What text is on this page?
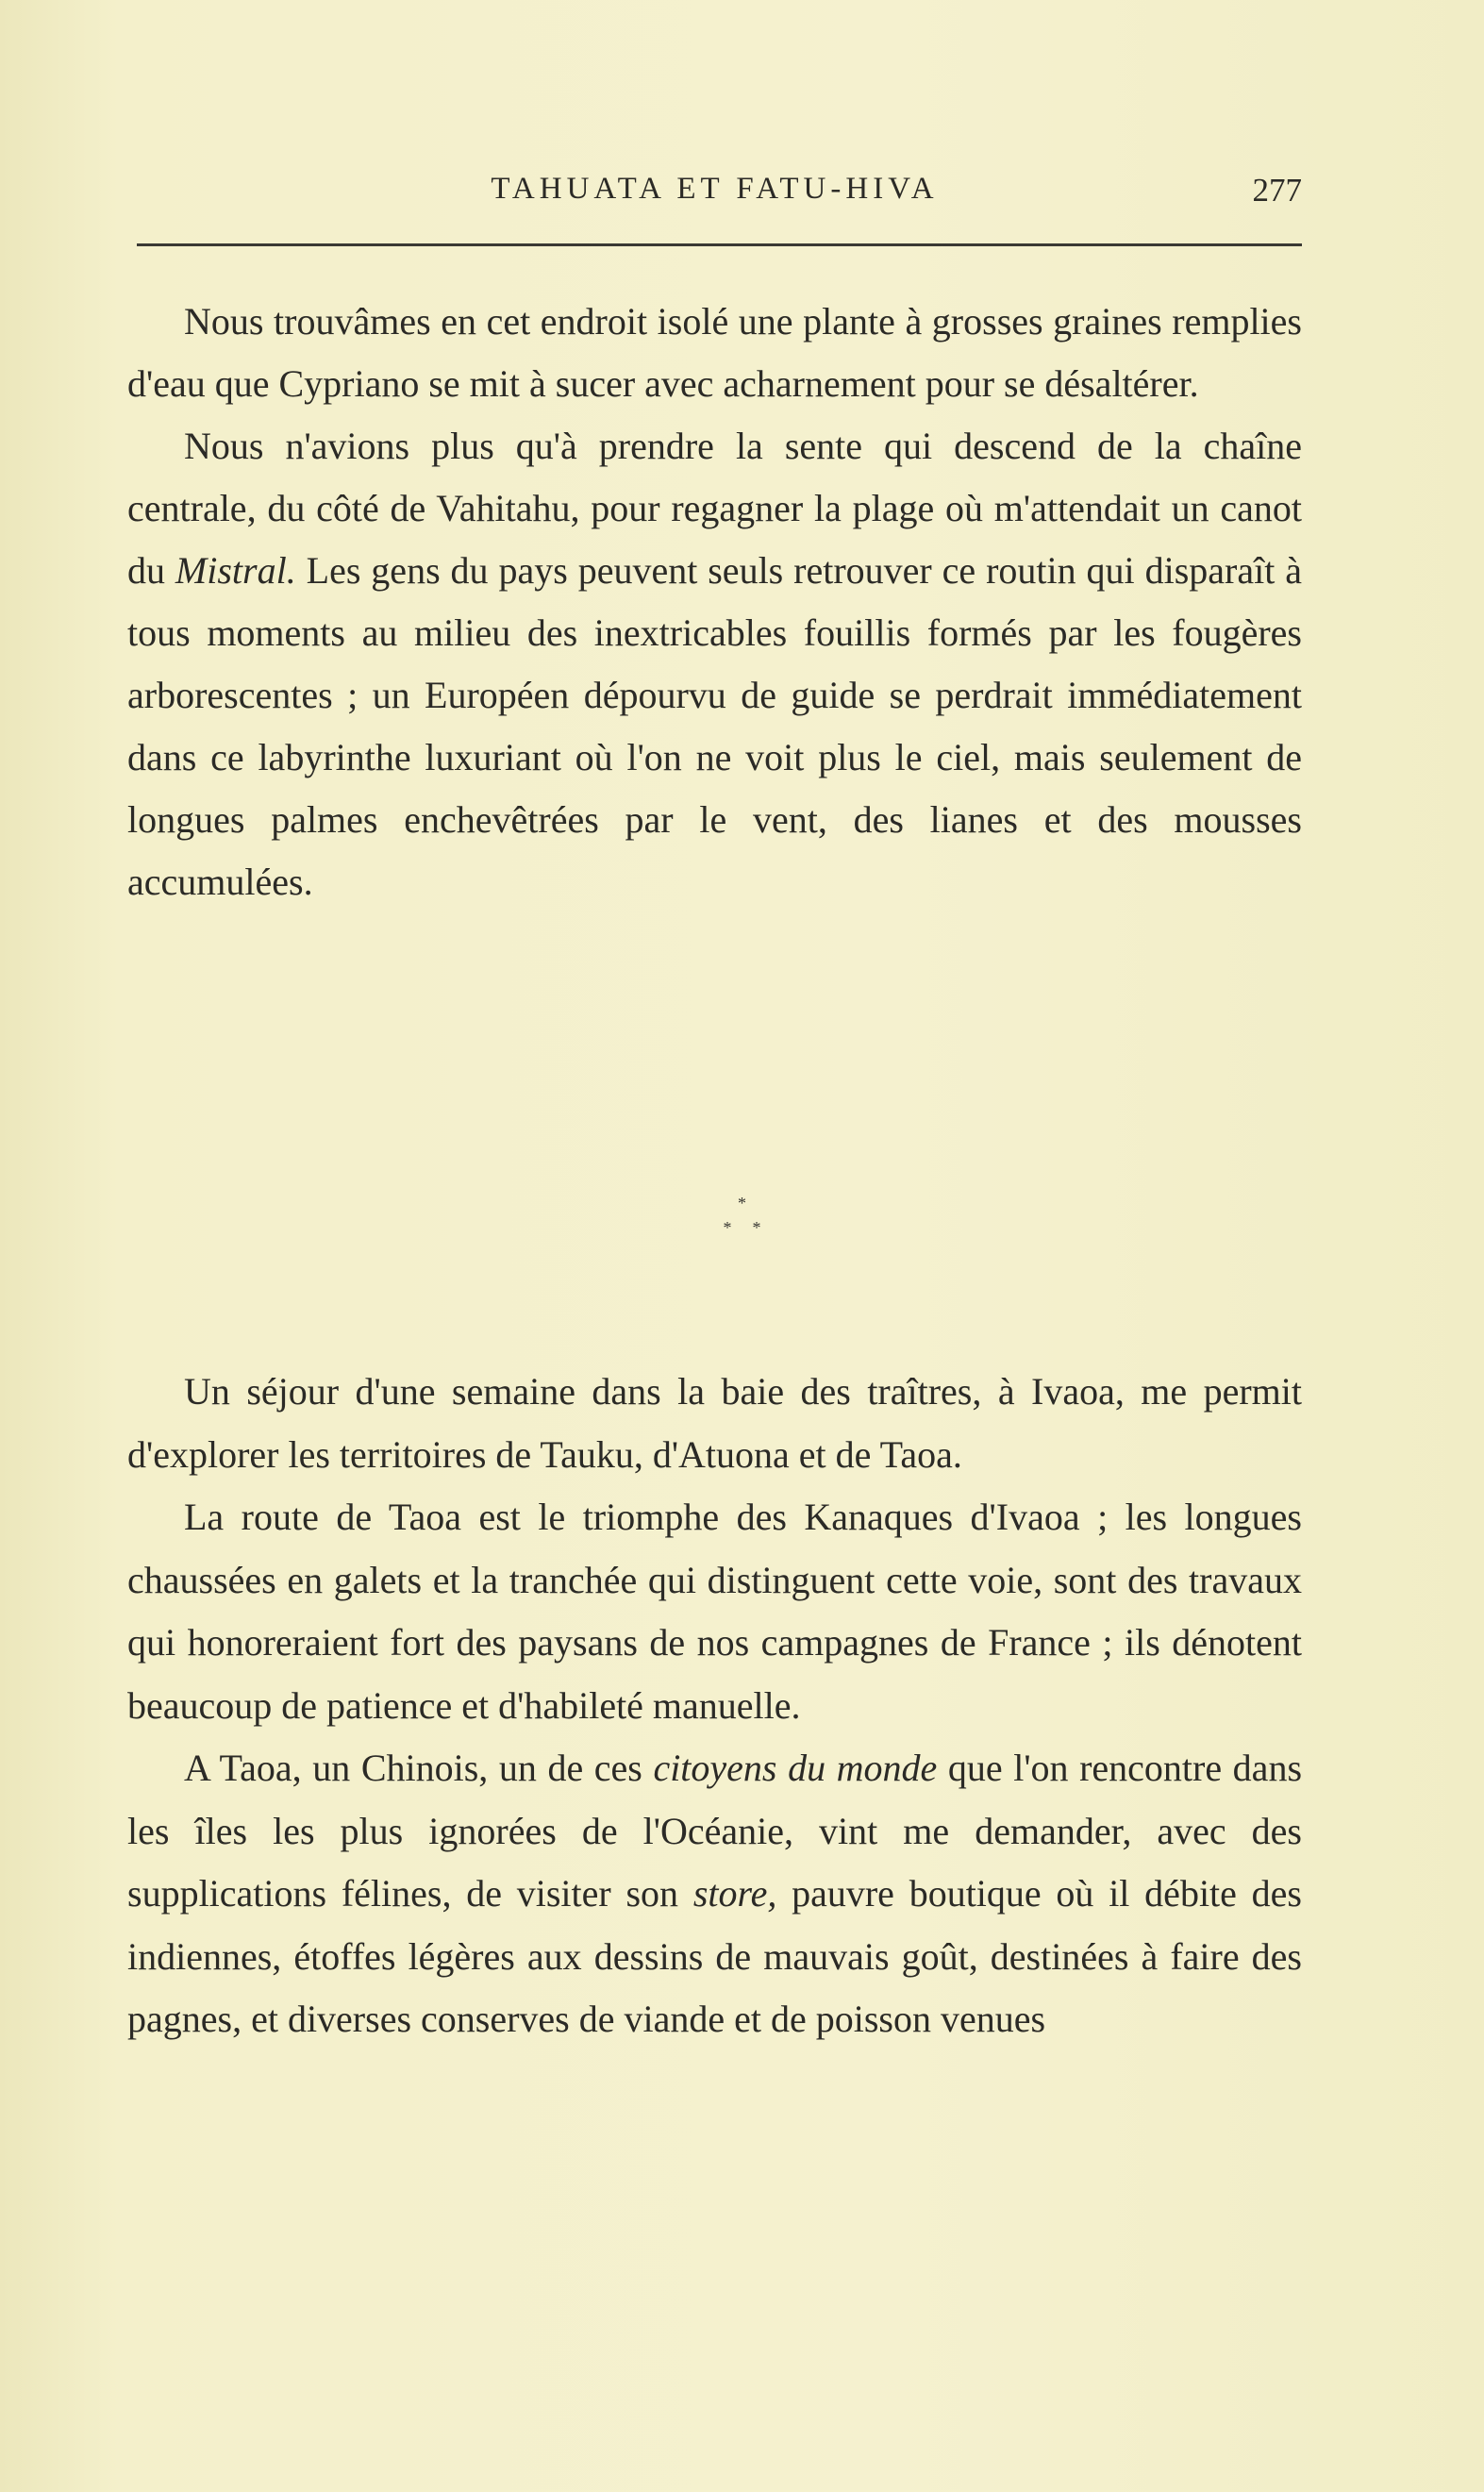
TAHUATA ET FATU-HIVA	277

Nous trouvâmes en cet endroit isolé une plante à grosses graines remplies d'eau que Cypriano se mit à sucer avec acharnement pour se désaltérer.

Nous n'avions plus qu'à prendre la sente qui descend de la chaîne centrale, du côté de Vahitahu, pour regagner la plage où m'attendait un canot du Mistral. Les gens du pays peuvent seuls retrouver ce routin qui disparaît à tous moments au milieu des inextricables fouillis formés par les fougères arborescentes ; un Européen dépourvu de guide se perdrait immédiatement dans ce labyrinthe luxuriant où l'on ne voit plus le ciel, mais seulement de longues palmes enchevêtrées par le vent, des lianes et des mousses accumulées.

*
**

Un séjour d'une semaine dans la baie des traîtres, à Ivaoa, me permit d'explorer les territoires de Tauku, d'Atuona et de Taoa.

La route de Taoa est le triomphe des Kanaques d'Ivaoa ; les longues chaussées en galets et la tranchée qui distinguent cette voie, sont des travaux qui honoreraient fort des paysans de nos campagnes de France ; ils dénotent beaucoup de patience et d'habileté manuelle.

A Taoa, un Chinois, un de ces citoyens du monde que l'on rencontre dans les îles les plus ignorées de l'Océanie, vint me demander, avec des supplications félines, de visiter son store, pauvre boutique où il débite des indiennes, étoffes légères aux dessins de mauvais goût, destinées à faire des pagnes, et diverses conserves de viande et de poisson venues
